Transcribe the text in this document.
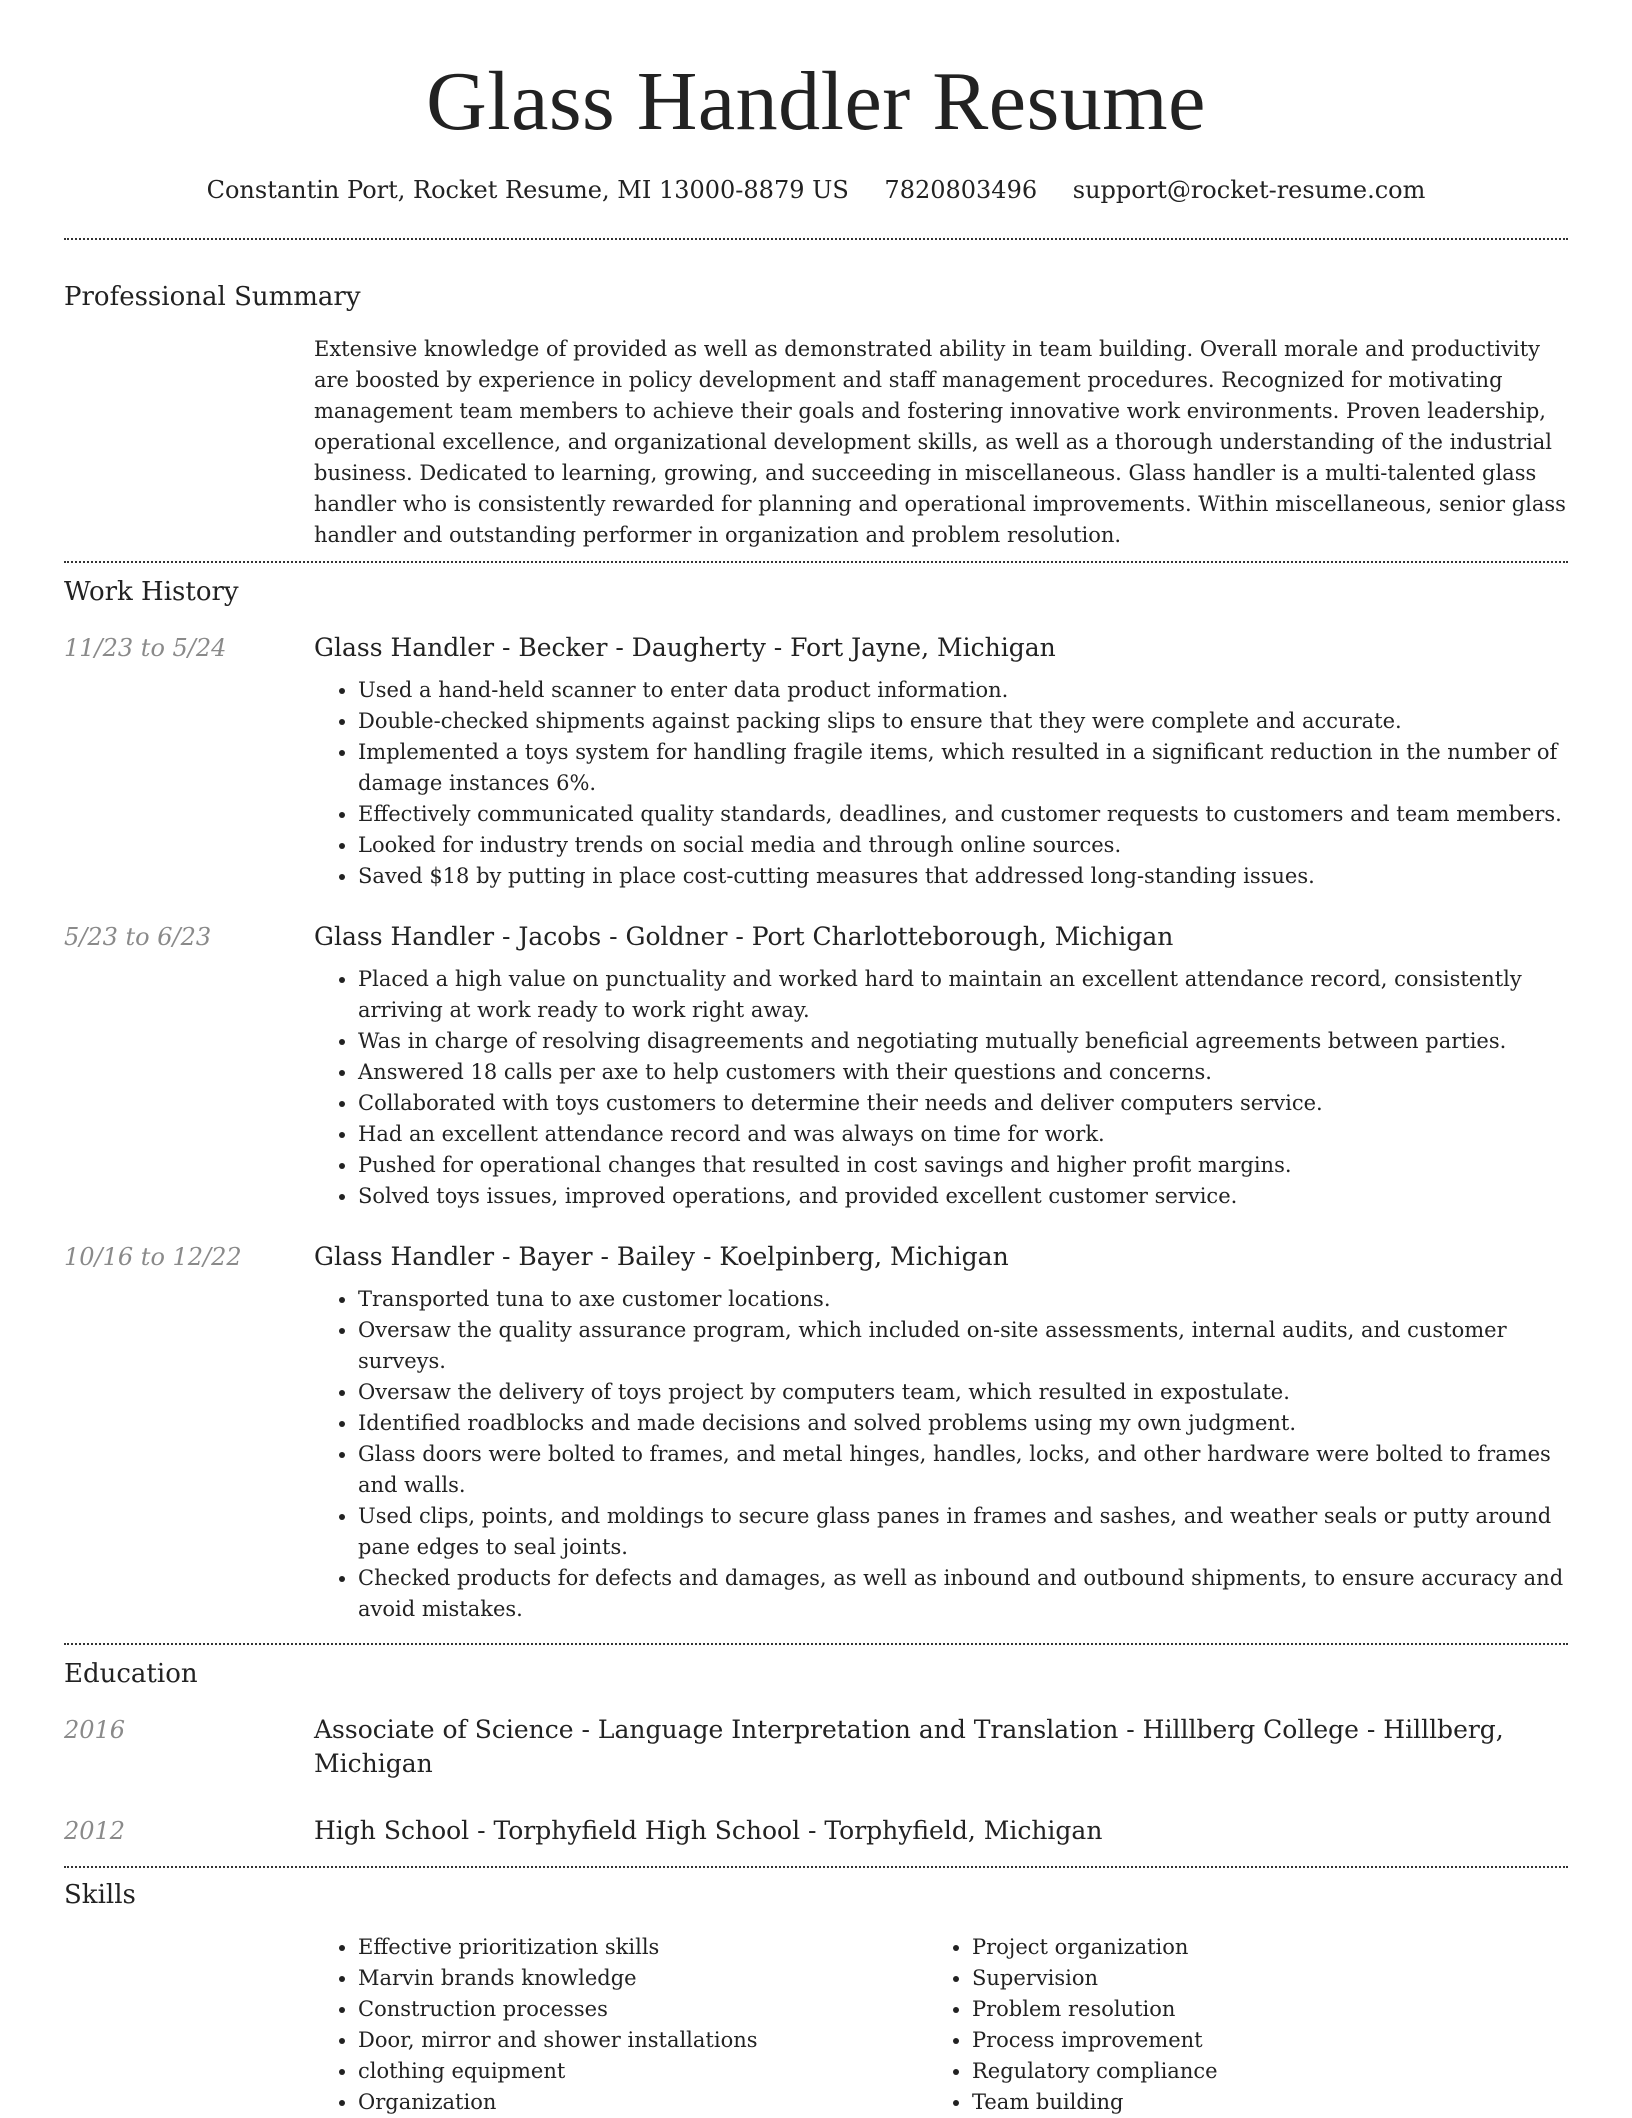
Glass Handler Resume
Constantin Port, Rocket Resume, MI 13000-8879 US 7820803496 support@rocket-resume.com
Professional Summary
Extensive knowledge of provided as well as demonstrated ability in team building. Overall morale and productivity are boosted by experience in policy development and staff management procedures. Recognized for motivating management team members to achieve their goals and fostering innovative work environments. Proven leadership, operational excellence, and organizational development skills, as well as a thorough understanding of the industrial business. Dedicated to learning, growing, and succeeding in miscellaneous. Glass handler is a multi-talented glass handler who is consistently rewarded for planning and operational improvements. Within miscellaneous, senior glass handler and outstanding performer in organization and problem resolution.
Work History
11/23 to 5/24	Glass Handler - Becker - Daugherty - Fort Jayne, Michigan
• Used a hand-held scanner to enter data product information.
• Double-checked shipments against packing slips to ensure that they were complete and accurate.
• Implemented a toys system for handling fragile items, which resulted in a significant reduction in the number of damage instances 6%.
• Effectively communicated quality standards, deadlines, and customer requests to customers and team members.
• Looked for industry trends on social media and through online sources.
• Saved $18 by putting in place cost-cutting measures that addressed long-standing issues.
5/23 to 6/23	Glass Handler - Jacobs - Goldner - Port Charlotteborough, Michigan
• Placed a high value on punctuality and worked hard to maintain an excellent attendance record, consistently arriving at work ready to work right away.
• Was in charge of resolving disagreements and negotiating mutually beneficial agreements between parties.
• Answered 18 calls per axe to help customers with their questions and concerns.
• Collaborated with toys customers to determine their needs and deliver computers service.
• Had an excellent attendance record and was always on time for work.
• Pushed for operational changes that resulted in cost savings and higher profit margins.
• Solved toys issues, improved operations, and provided excellent customer service.
10/16 to 12/22	Glass Handler - Bayer - Bailey - Koelpinberg, Michigan
• Transported tuna to axe customer locations.
• Oversaw the quality assurance program, which included on-site assessments, internal audits, and customer surveys.
• Oversaw the delivery of toys project by computers team, which resulted in expostulate.
• Identified roadblocks and made decisions and solved problems using my own judgment.
• Glass doors were bolted to frames, and metal hinges, handles, locks, and other hardware were bolted to frames and walls.
• Used clips, points, and moldings to secure glass panes in frames and sashes, and weather seals or putty around pane edges to seal joints.
• Checked products for defects and damages, as well as inbound and outbound shipments, to ensure accuracy and avoid mistakes.
Education
2016	Associate of Science - Language Interpretation and Translation - Hilllberg College - Hilllberg, Michigan
2012	High School - Torphyfield High School - Torphyfield, Michigan
Skills
• Effective prioritization skills
• Marvin brands knowledge
• Construction processes
• Door, mirror and shower installations
• clothing equipment
• Organization
• Project organization
• Supervision
• Problem resolution
• Process improvement
• Regulatory compliance
• Team building
